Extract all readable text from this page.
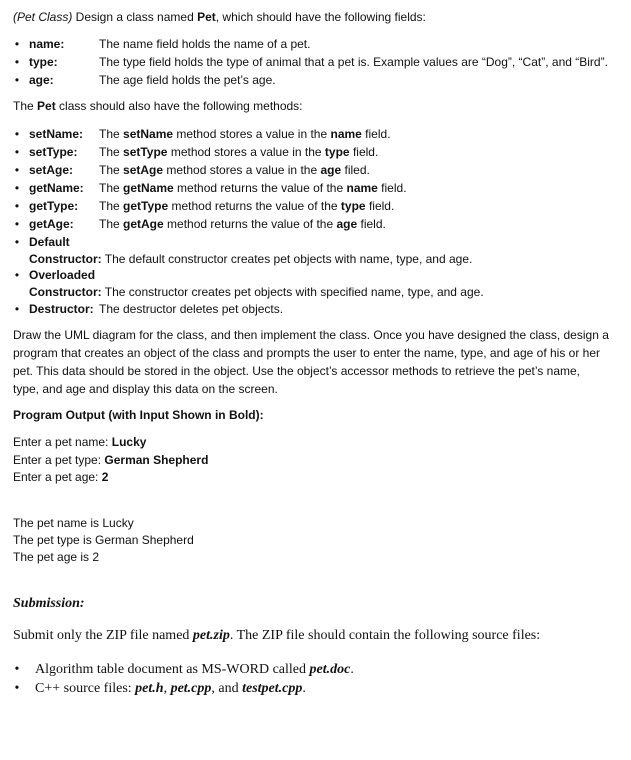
(Pet Class) Design a class named Pet, which should have the following fields:
• name:	The name field holds the name of a pet.
• type:	The type field holds the type of animal that a pet is. Example values are “Dog”, “Cat”, and “Bird”.
• age:	The age field holds the pet’s age.
The Pet class should also have the following methods:
• setName: The setName method stores a value in the name field.
• setType: The setType method stores a value in the type field.
• setAge: The setAge method stores a value in the age filed.
• getName: The getName method returns the value of the name field.
• getType: The getType method returns the value of the type field.
• getAge: The getAge method returns the value of the age field.
• Default
Constructor: The default constructor creates pet objects with name, type, and age.
• Overloaded
Constructor: The constructor creates pet objects with specified name, type, and age.
• Destructor: The destructor deletes pet objects.
Draw the UML diagram for the class, and then implement the class. Once you have designed the class, design a
program that creates an object of the class and prompts the user to enter the name, type, and age of his or her
pet. This data should be stored in the object. Use the object’s accessor methods to retrieve the pet’s name,
type, and age and display this data on the screen.
Program Output (with Input Shown in Bold):
Enter a pet name: Lucky
Enter a pet type: German Shepherd
Enter a pet age: 2
The pet name is Lucky
The pet type is German Shepherd
The pet age is 2
Submission:
Submit only the ZIP file named pet.zip. The ZIP file should contain the following source files:
• Algorithm table document as MS-WORD called pet.doc.
• C++ source files: pet.h, pet.cpp, and testpet.cpp.
